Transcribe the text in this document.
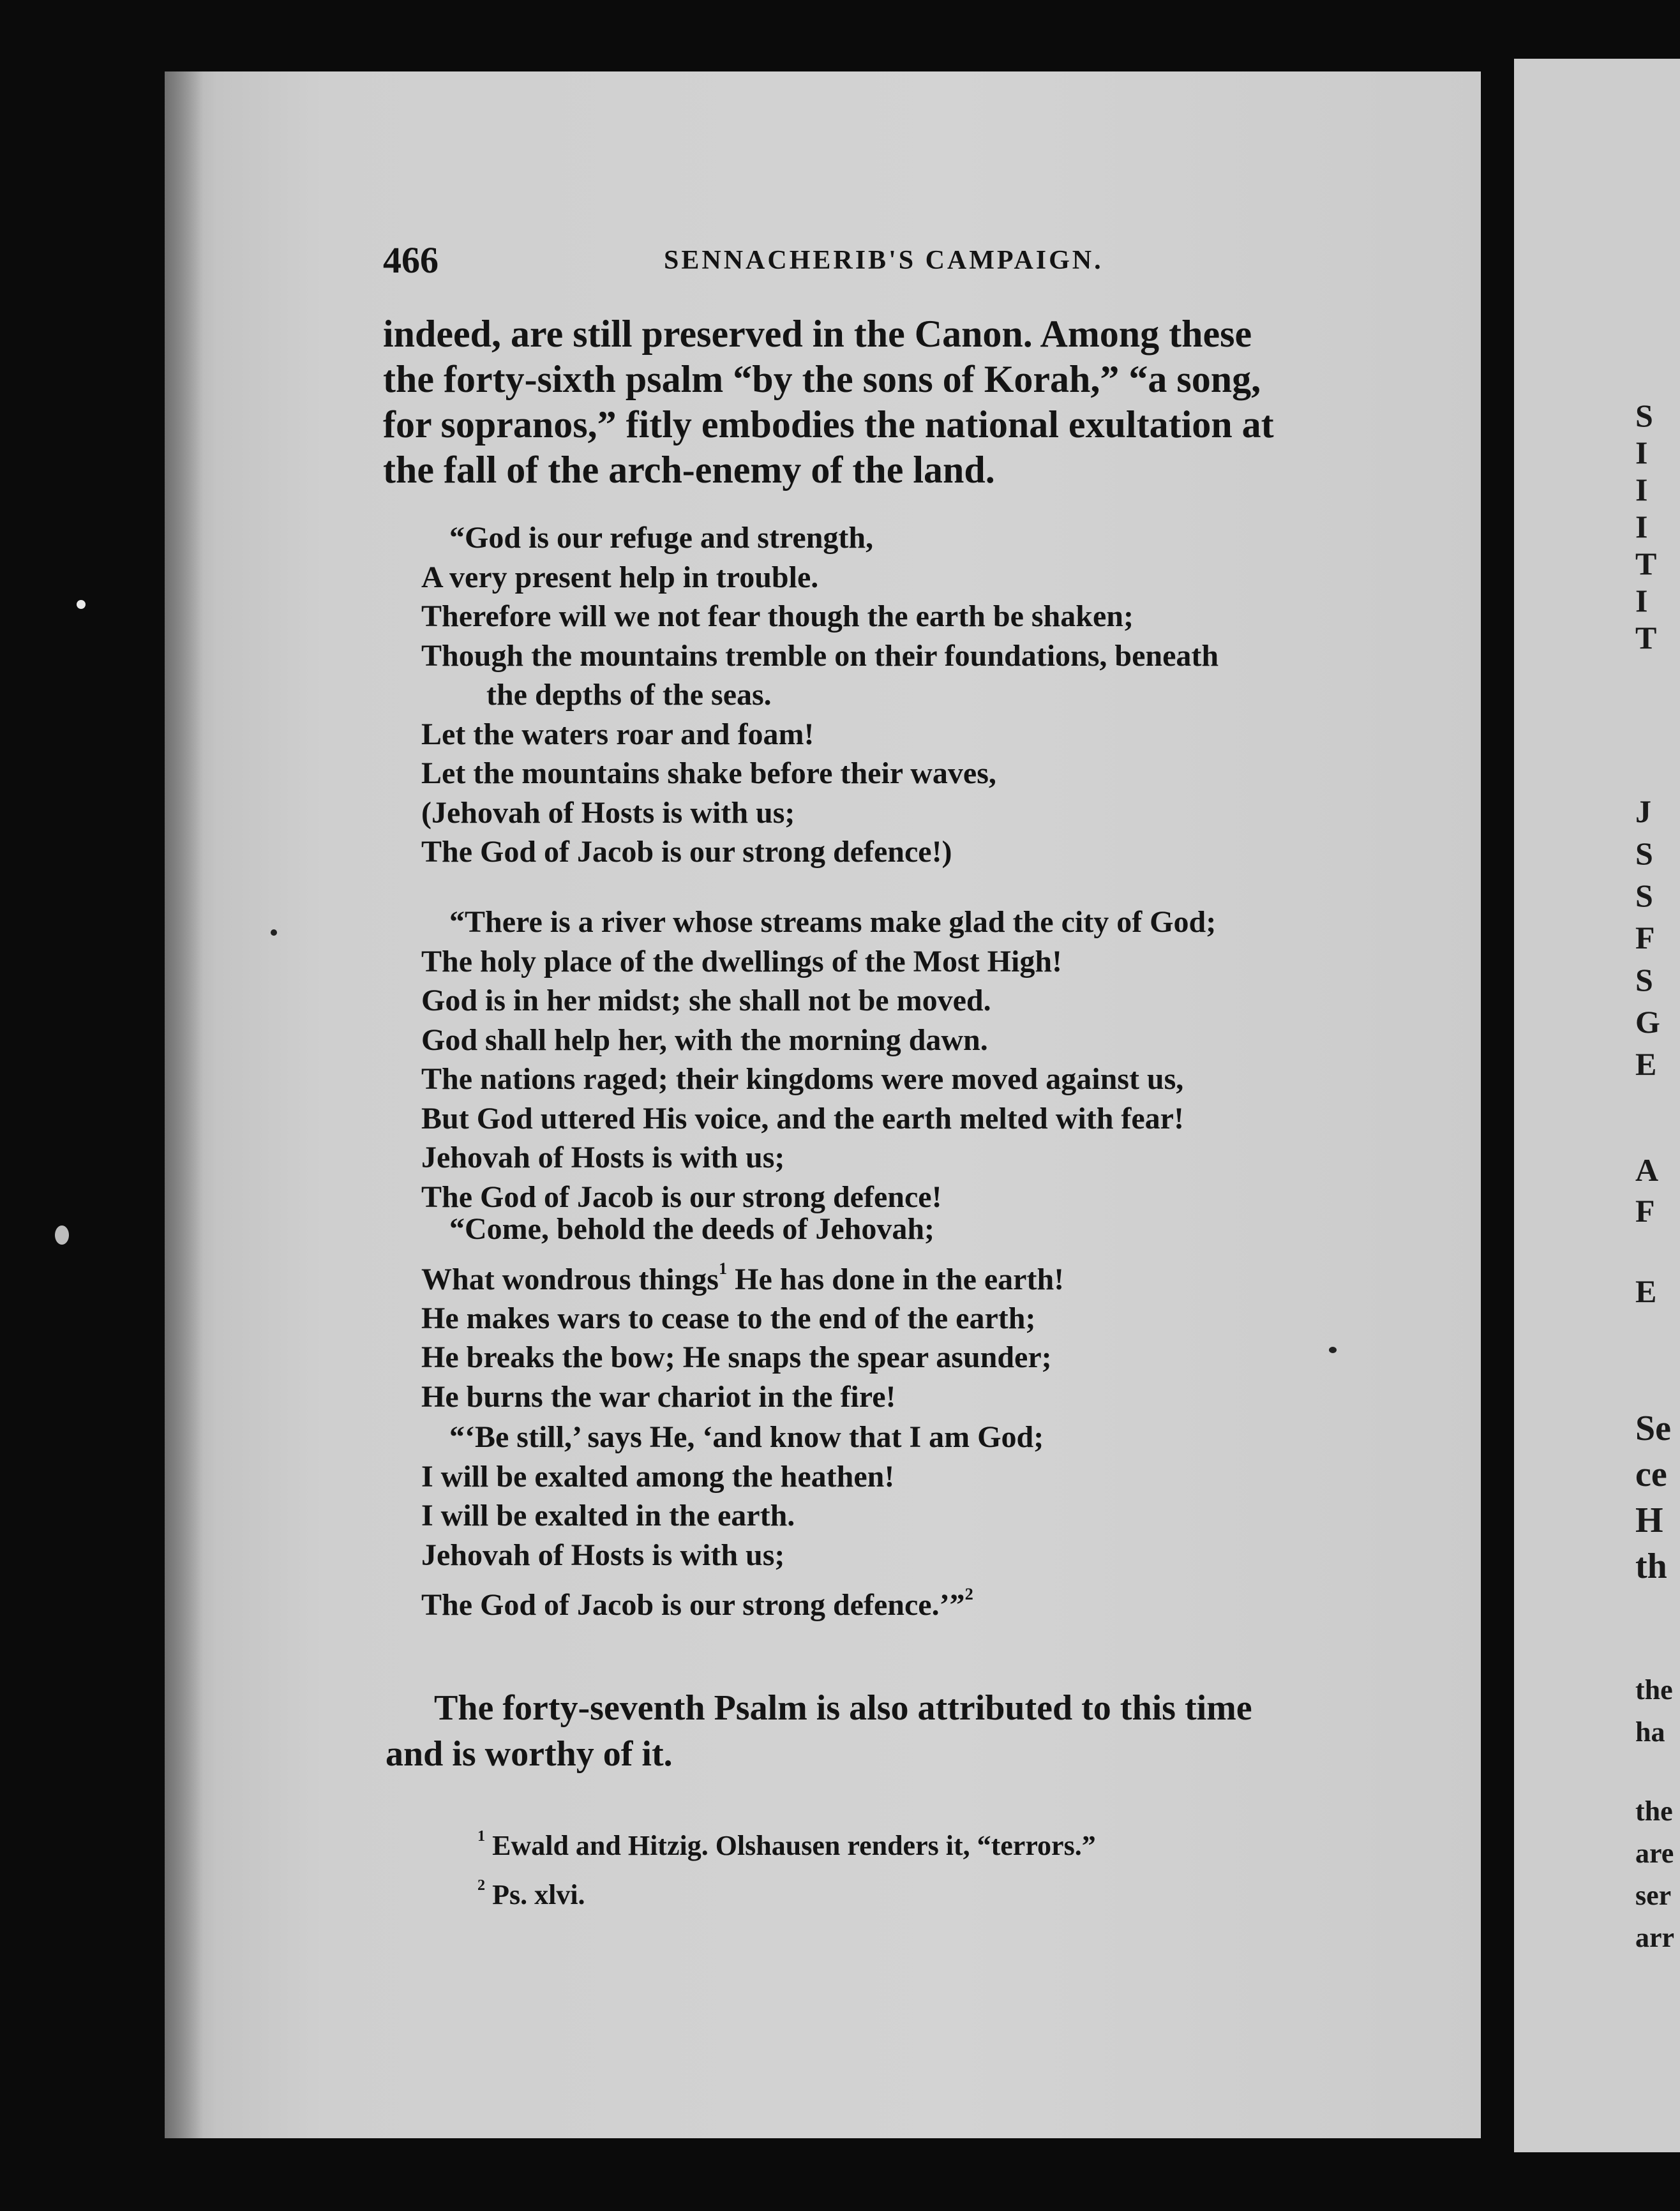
S
I
I
I
T
I
T
J
S
S
F
S
G
E
A
F
E
Se
ce
H
th
the
ha
the
are
ser
arr
466	SENNACHERIB'S CAMPAIGN.
indeed, are still preserved in the Canon. Among these
the forty-sixth psalm “by the sons of Korah,” “a song,
for sopranos,” fitly embodies the national exultation at
the fall of the arch-enemy of the land.
“God is our refuge and strength,
A very present help in trouble.
Therefore will we not fear though the earth be shaken;
Though the mountains tremble on their foundations, beneath
the depths of the seas.
Let the waters roar and foam!
Let the mountains shake before their waves,
(Jehovah of Hosts is with us;
The God of Jacob is our strong defence!)
“There is a river whose streams make glad the city of God;
The holy place of the dwellings of the Most High!
God is in her midst; she shall not be moved.
God shall help her, with the morning dawn.
The nations raged; their kingdoms were moved against us,
But God uttered His voice, and the earth melted with fear!
Jehovah of Hosts is with us;
The God of Jacob is our strong defence!
“Come, behold the deeds of Jehovah;
What wondrous things$^1$ He has done in the earth!
He makes wars to cease to the end of the earth;
He breaks the bow; He snaps the spear asunder;
He burns the war chariot in the fire!
“‘Be still,’ says He, ‘and know that I am God;
I will be exalted among the heathen!
I will be exalted in the earth.
Jehovah of Hosts is with us;
The God of Jacob is our strong defence.’”$^2$
The forty-seventh Psalm is also attributed to this time
and is worthy of it.
$^1$ Ewald and Hitzig. Olshausen renders it, “terrors.”
$^2$ Ps. xlvi.
